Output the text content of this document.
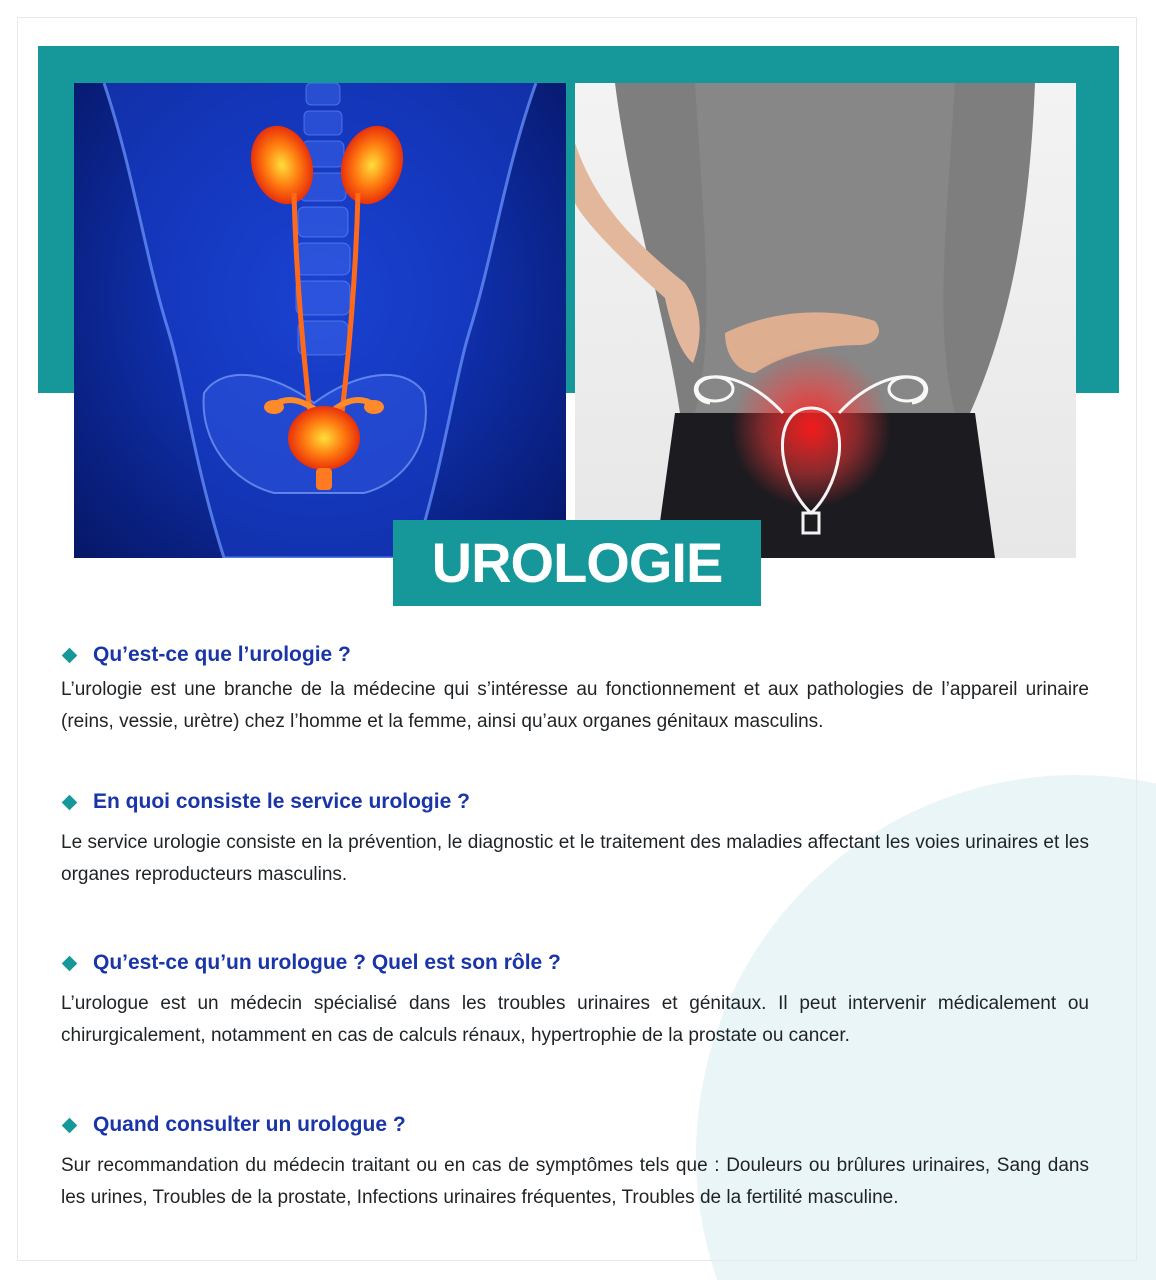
UROLOGIE
Qu’est-ce que l’urologie ?
L’urologie est une branche de la médecine qui s’intéresse au fonctionnement et aux pathologies de l’appareil urinaire (reins, vessie, urètre) chez l’homme et la femme, ainsi qu’aux organes génitaux masculins.
En quoi consiste le service urologie ?
Le service urologie consiste en la prévention, le diagnostic et le traitement des maladies affectant les voies urinaires et les organes reproducteurs masculins.
Qu’est-ce qu’un urologue ? Quel est son rôle ?
L’urologue est un médecin spécialisé dans les troubles urinaires et génitaux. Il peut intervenir médicalement ou chirurgicalement, notamment en cas de calculs rénaux, hypertrophie de la prostate ou cancer.
Quand consulter un urologue ?
Sur recommandation du médecin traitant ou en cas de symptômes tels que : Douleurs ou brûlures urinaires, Sang dans les urines, Troubles de la prostate, Infections urinaires fréquentes, Troubles de la fertilité masculine.
